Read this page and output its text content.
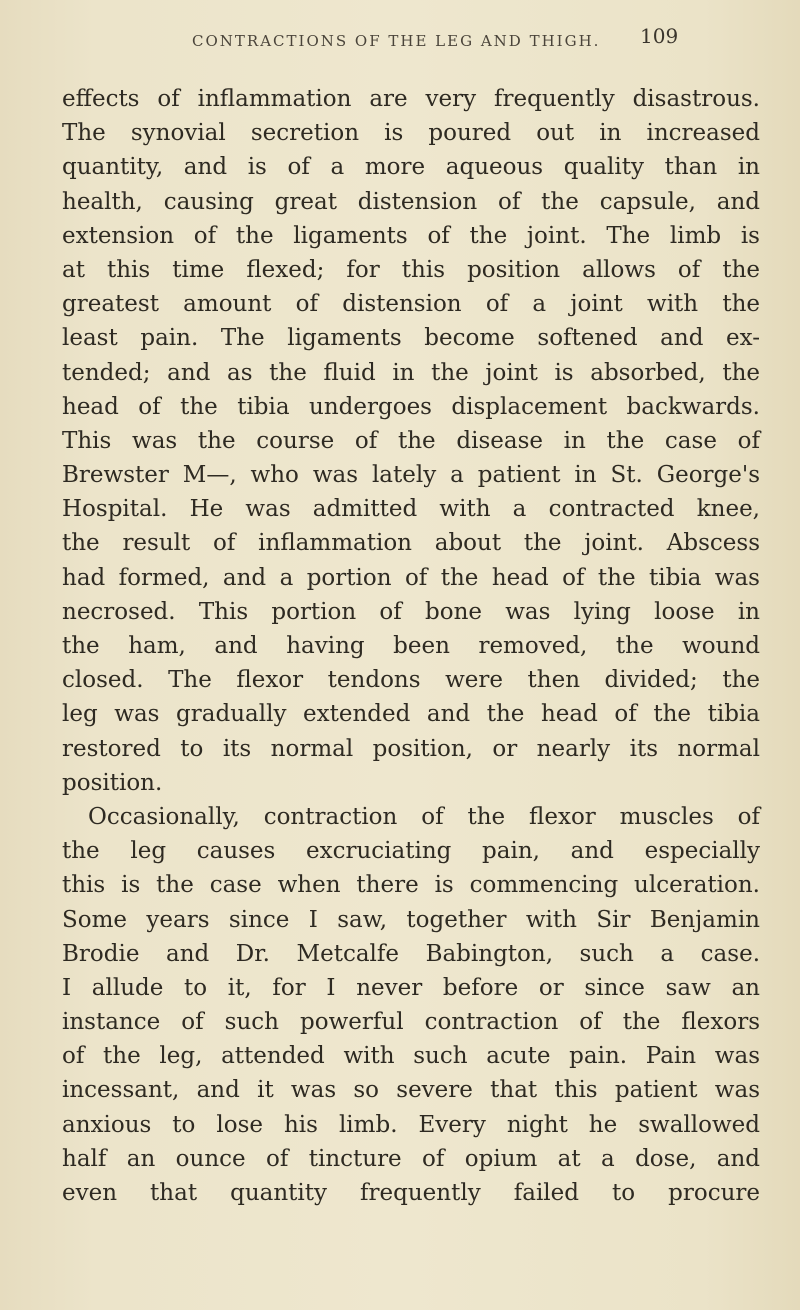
CONTRACTIONS OF THE LEG AND THIGH. 109
effects of inflammation are very frequently disastrous.
The synovial secretion is poured out in increased
quantity, and is of a more aqueous quality than in
health, causing great distension of the capsule, and
extension of the ligaments of the joint. The limb is
at this time flexed; for this position allows of the
greatest amount of distension of a joint with the
least pain. The ligaments become softened and ex-
tended; and as the fluid in the joint is absorbed, the
head of the tibia undergoes displacement backwards.
This was the course of the disease in the case of
Brewster M—, who was lately a patient in St. George's
Hospital. He was admitted with a contracted knee,
the result of inflammation about the joint. Abscess
had formed, and a portion of the head of the tibia was
necrosed. This portion of bone was lying loose in
the ham, and having been removed, the wound
closed. The flexor tendons were then divided; the
leg was gradually extended and the head of the tibia
restored to its normal position, or nearly its normal
position.
Occasionally, contraction of the flexor muscles of
the leg causes excruciating pain, and especially
this is the case when there is commencing ulceration.
Some years since I saw, together with Sir Benjamin
Brodie and Dr. Metcalfe Babington, such a case.
I allude to it, for I never before or since saw an
instance of such powerful contraction of the flexors
of the leg, attended with such acute pain. Pain was
incessant, and it was so severe that this patient was
anxious to lose his limb. Every night he swallowed
half an ounce of tincture of opium at a dose, and
even that quantity frequently failed to procure
